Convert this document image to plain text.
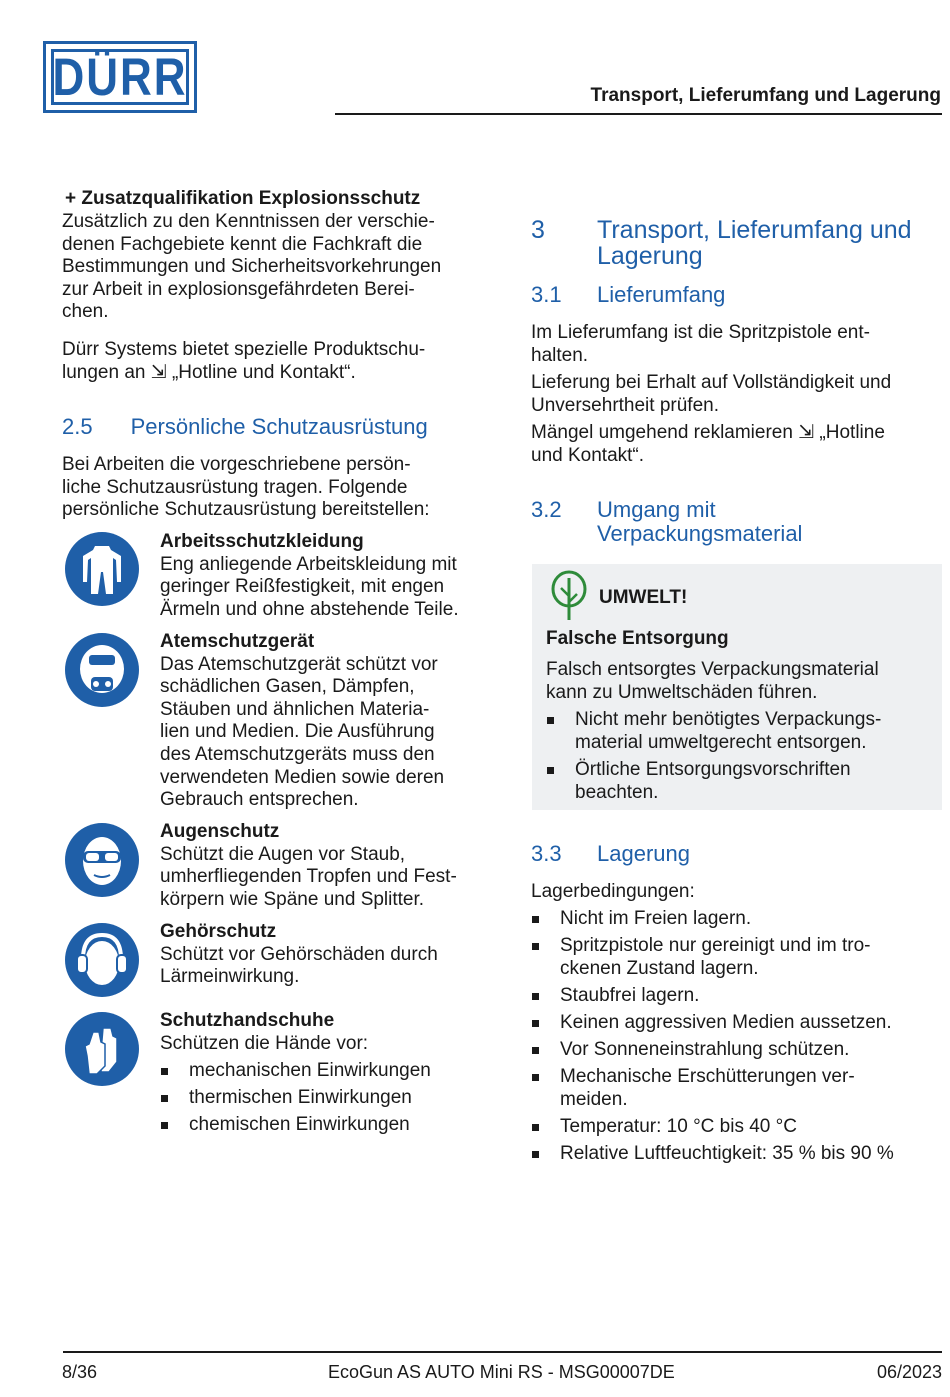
DÜRR	Transport, Lieferumfang und Lagerung
+ Zusatzqualifikation Explosionsschutz
Zusätzlich zu den Kenntnissen der verschie-
denen Fachgebiete kennt die Fachkraft die
Bestimmungen und Sicherheitsvorkehrungen
zur Arbeit in explosionsgefährdeten Berei-
chen.
Dürr Systems bietet spezielle Produktschu-
lungen an ⇲ „Hotline und Kontakt“.
2.5 Persönliche Schutzausrüstung
Bei Arbeiten die vorgeschriebene persön-
liche Schutzausrüstung tragen. Folgende
persönliche Schutzausrüstung bereitstellen:
Arbeitsschutzkleidung
Eng anliegende Arbeitskleidung mit
geringer Reißfestigkeit, mit engen
Ärmeln und ohne abstehende Teile.
Atemschutzgerät
Das Atemschutzgerät schützt vor
schädlichen Gasen, Dämpfen,
Stäuben und ähnlichen Materia-
lien und Medien. Die Ausführung
des Atemschutzgeräts muss den
verwendeten Medien sowie deren
Gebrauch entsprechen.
Augenschutz
Schützt die Augen vor Staub,
umherfliegenden Tropfen und Fest-
körpern wie Späne und Splitter.
Gehörschutz
Schützt vor Gehörschäden durch
Lärmeinwirkung.
Schutzhandschuhe
Schützen die Hände vor:
mechanischen Einwirkungen
thermischen Einwirkungen
chemischen Einwirkungen
3	Transport, Lieferumfang und
Lagerung
3.1 Lieferumfang
Im Lieferumfang ist die Spritzpistole ent-
halten.
Lieferung bei Erhalt auf Vollständigkeit und
Unversehrtheit prüfen.
Mängel umgehend reklamieren ⇲ „Hotline
und Kontakt“.
3.2	Umgang mit
Verpackungsmaterial
UMWELT!
Falsche Entsorgung
Falsch entsorgtes Verpackungsmaterial
kann zu Umweltschäden führen.
Nicht mehr benötigtes Verpackungs-
material umweltgerecht entsorgen.
Örtliche Entsorgungsvorschriften
beachten.
3.3 Lagerung
Lagerbedingungen:
Nicht im Freien lagern.
Spritzpistole nur gereinigt und im tro-
ckenen Zustand lagern.
Staubfrei lagern.
Keinen aggressiven Medien aussetzen.
Vor Sonneneinstrahlung schützen.
Mechanische Erschütterungen ver-
meiden.
Temperatur: 10 °C bis 40 °C
Relative Luftfeuchtigkeit: 35 % bis 90 %
8/36	EcoGun AS AUTO Mini RS - MSG00007DE	06/2023
